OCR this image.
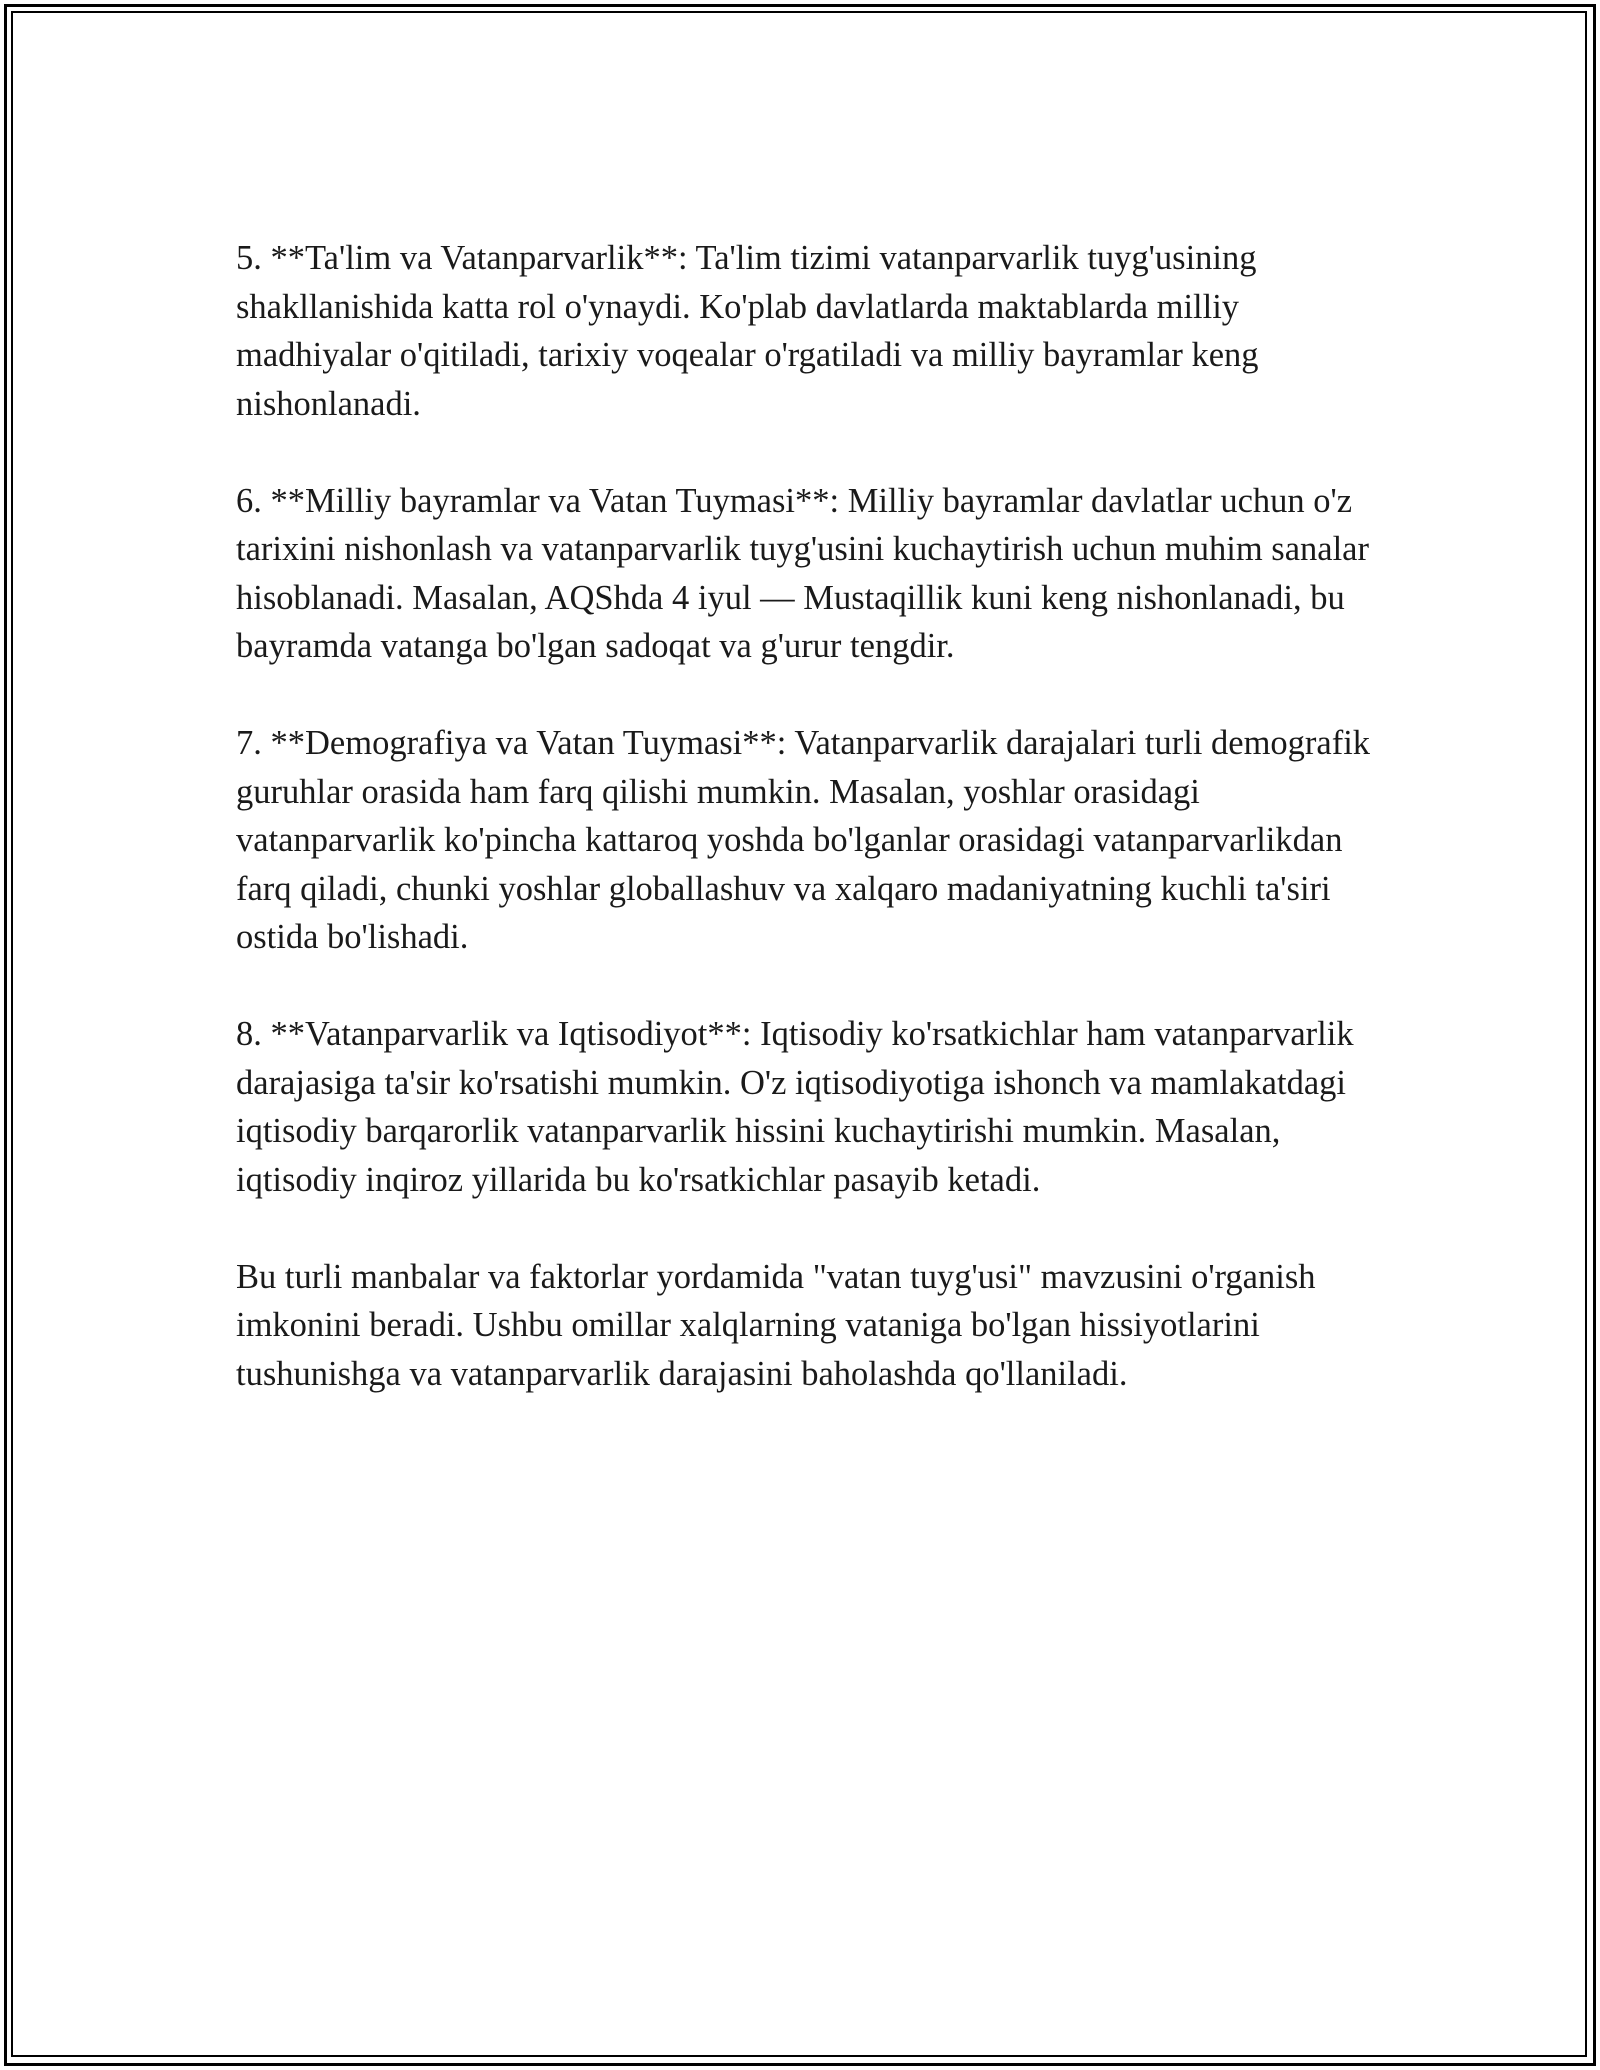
5. **Ta'lim va Vatanparvarlik**: Ta'lim tizimi vatanparvarlik tuyg'usining shakllanishida katta rol o'ynaydi. Ko'plab davlatlarda maktablarda milliy madhiyalar o'qitiladi, tarixiy voqealar o'rgatiladi va milliy bayramlar keng nishonlanadi.

6. **Milliy bayramlar va Vatan Tuymasi**: Milliy bayramlar davlatlar uchun o'z tarixini nishonlash va vatanparvarlik tuyg'usini kuchaytirish uchun muhim sanalar hisoblanadi. Masalan, AQShda 4 iyul — Mustaqillik kuni keng nishonlanadi, bu bayramda vatanga bo'lgan sadoqat va g'urur tengdir.

7. **Demografiya va Vatan Tuymasi**: Vatanparvarlik darajalari turli demografik guruhlar orasida ham farq qilishi mumkin. Masalan, yoshlar orasidagi vatanparvarlik ko'pincha kattaroq yoshda bo'lganlar orasidagi vatanparvarlikdan farq qiladi, chunki yoshlar globallashuv va xalqaro madaniyatning kuchli ta'siri ostida bo'lishadi.

8. **Vatanparvarlik va Iqtisodiyot**: Iqtisodiy ko'rsatkichlar ham vatanparvarlik darajasiga ta'sir ko'rsatishi mumkin. O'z iqtisodiyotiga ishonch va mamlakatdagi iqtisodiy barqarorlik vatanparvarlik hissini kuchaytirishi mumkin. Masalan, iqtisodiy inqiroz yillarida bu ko'rsatkichlar pasayib ketadi.

Bu turli manbalar va faktorlar yordamida "vatan tuyg'usi" mavzusini o'rganish imkonini beradi. Ushbu omillar xalqlarning vataniga bo'lgan hissiyotlarini tushunishga va vatanparvarlik darajasini baholashda qo'llaniladi.
